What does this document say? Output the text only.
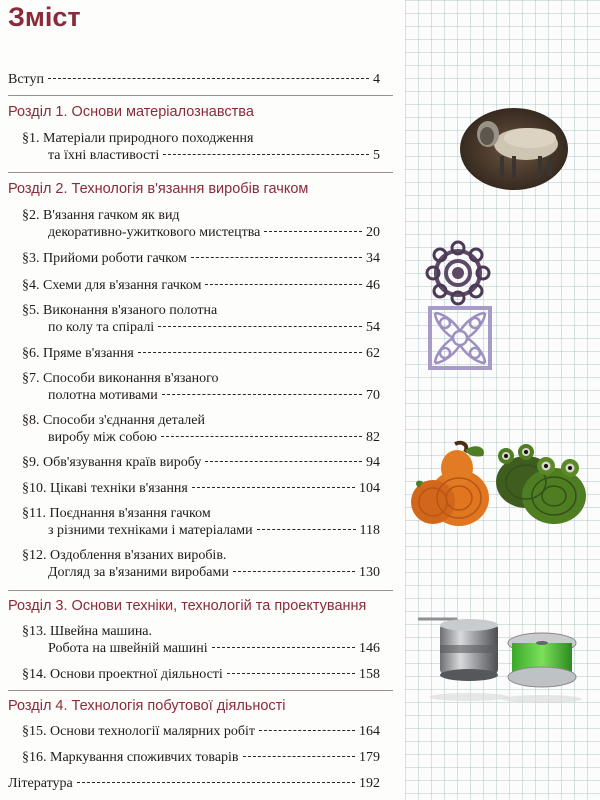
Зміст
Вступ	4
Розділ 1. Основи матеріалознавства
§1. Матеріали природного походження
та їхні властивості	5
Розділ 2. Технологія в'язання виробів гачком
§2. В'язання гачком як вид
декоративно-ужиткового мистецтва	20
§3. Прийоми роботи гачком	34
§4. Схеми для в'язання гачком	46
§5. Виконання в'язаного полотна
по колу та спіралі	54
§6. Пряме в'язання	62
§7. Способи виконання в'язаного
полотна мотивами	70
§8. Способи з'єднання деталей
виробу між собою	82
§9. Обв'язування країв виробу	94
§10. Цікаві техніки в'язання	104
§11. Поєднання в'язання гачком
з різними техніками і матеріалами	118
§12. Оздоблення в'язаних виробів.
Догляд за в'язаними виробами	130
Розділ 3. Основи техніки, технологій та проектування
§13. Швейна машина.
Робота на швейній машині	146
§14. Основи проектної діяльності	158
Розділ 4. Технологія побутової діяльності
§15. Основи технології малярних робіт	164
§16. Маркування споживчих товарів	179
Література	192
